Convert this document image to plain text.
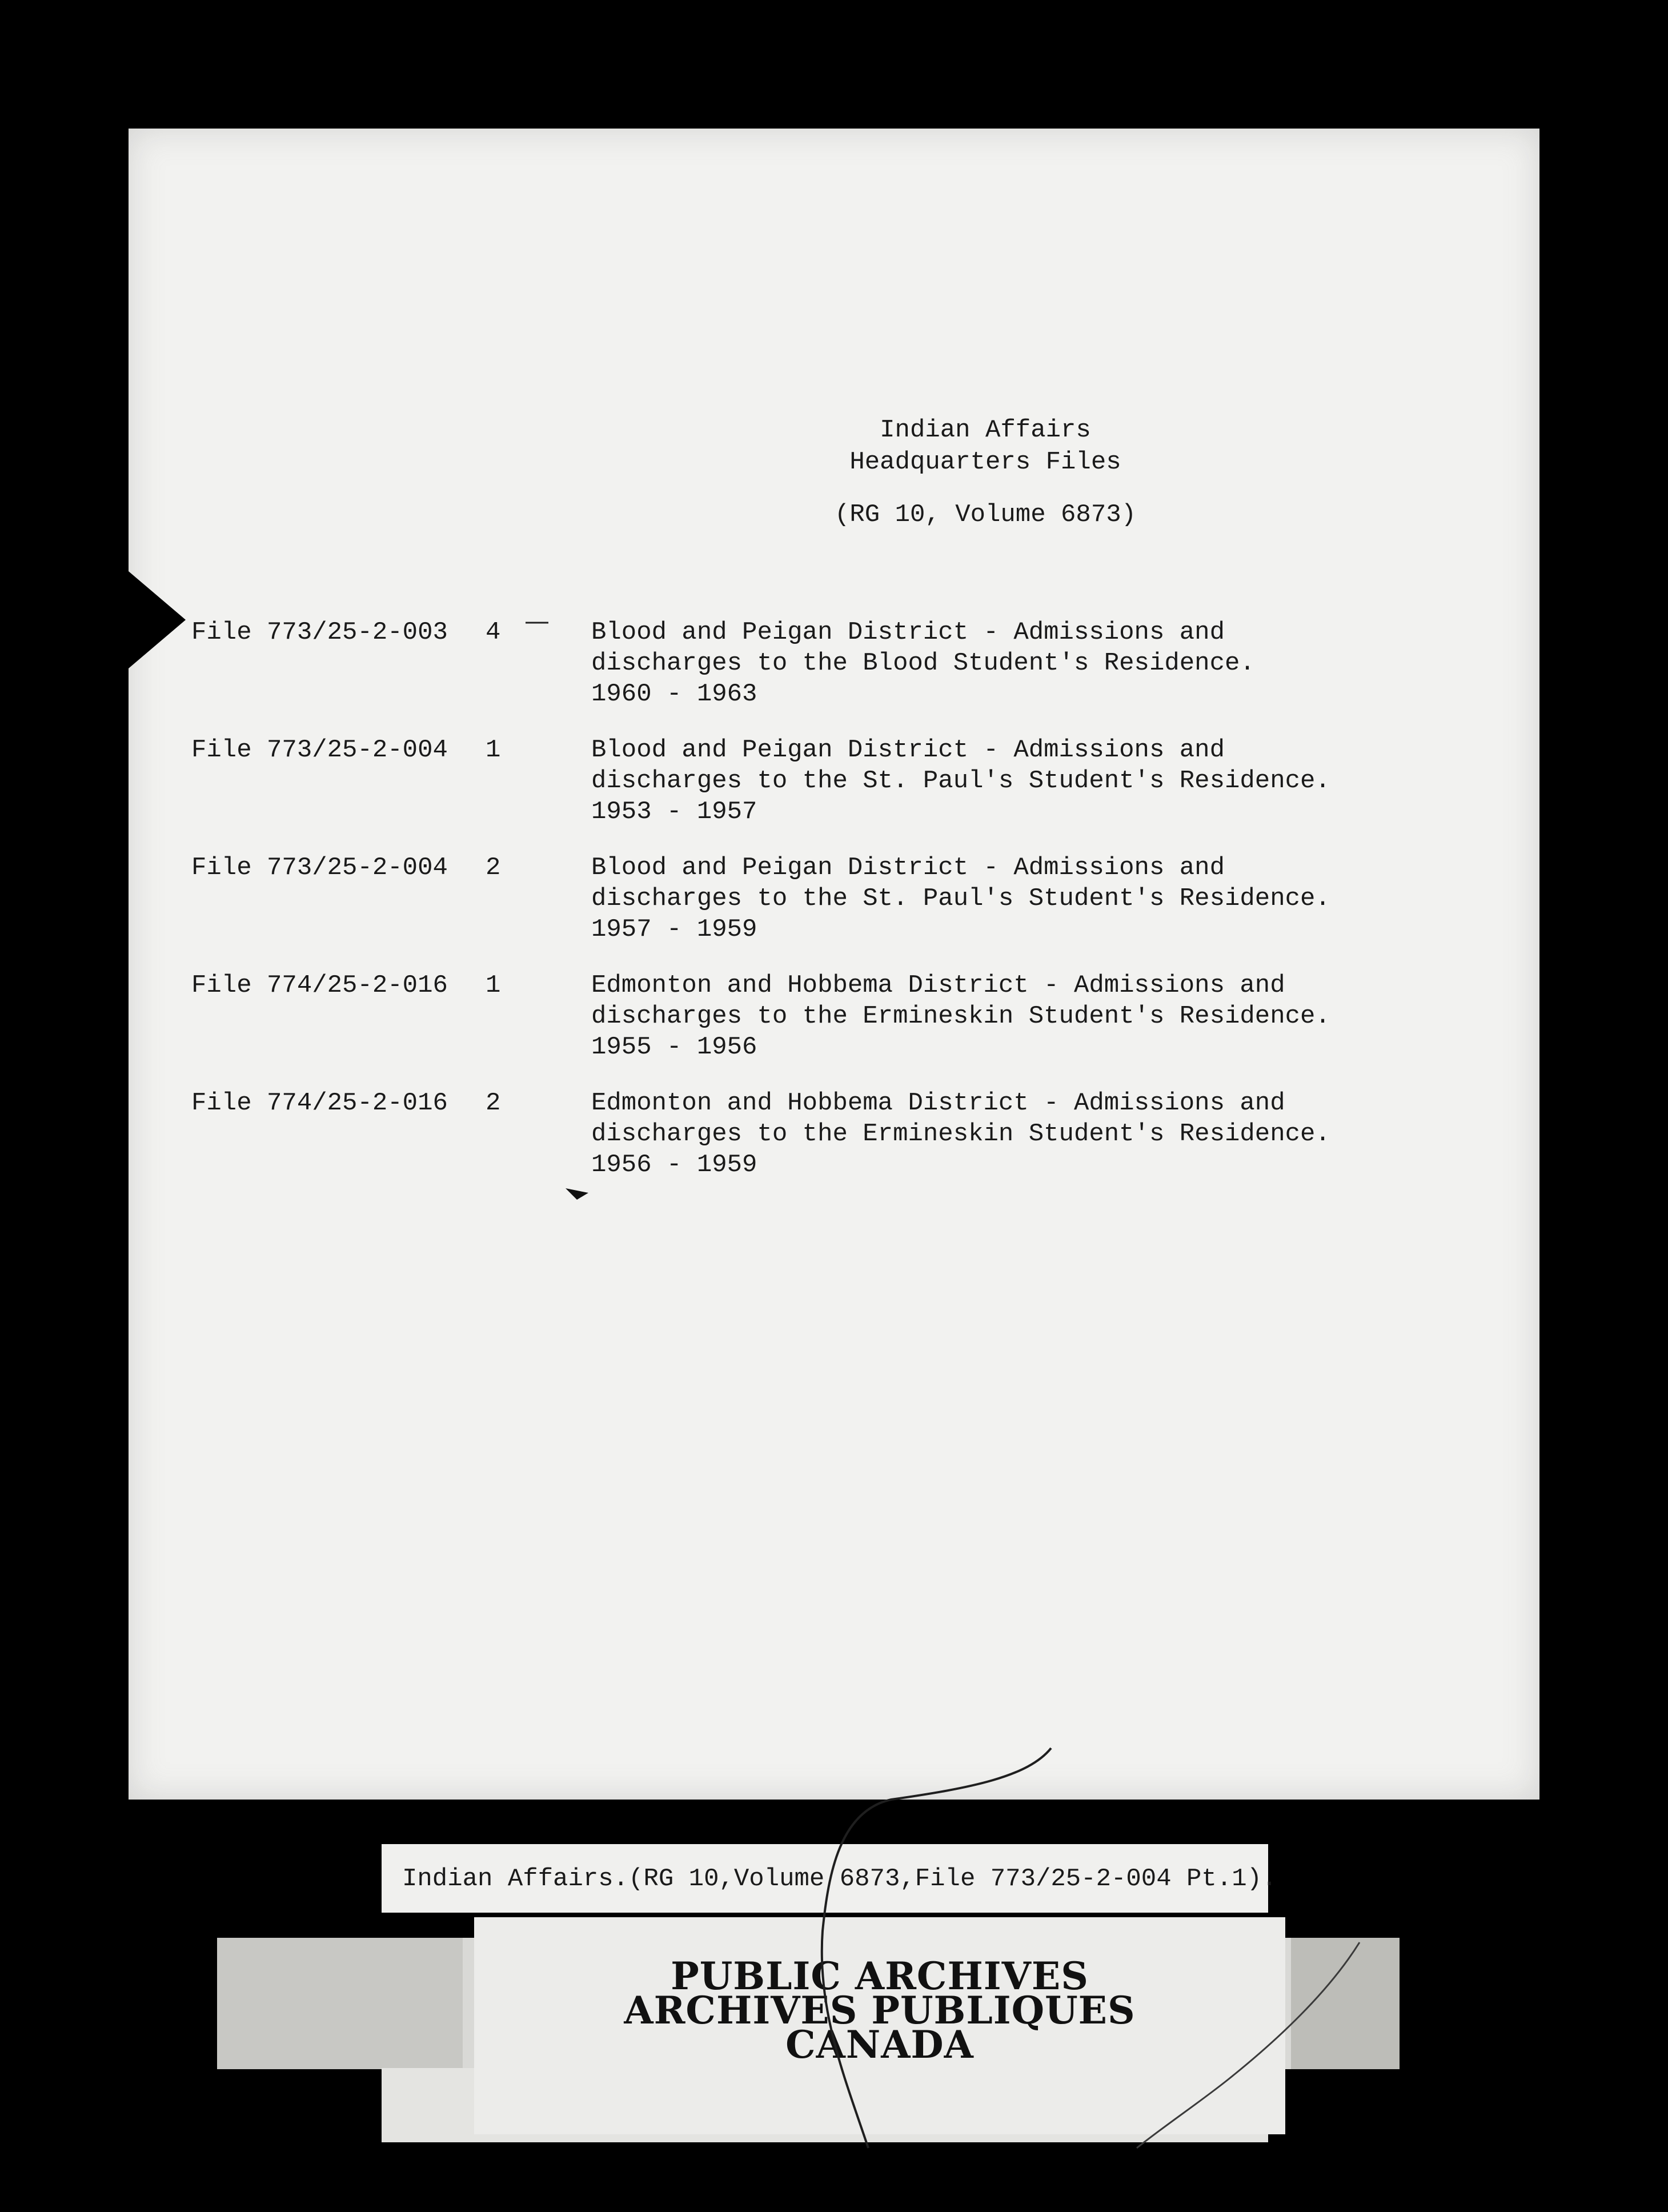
Indian Affairs
Headquarters Files
(RG 10, Volume 6873)
File 773/25-2-003 4	Blood and Peigan District - Admissions and
discharges to the Blood Student's Residence.
1960 - 1963
File 773/25-2-004 1	Blood and Peigan District - Admissions and
discharges to the St. Paul's Student's Residence.
1953 - 1957
File 773/25-2-004 2	Blood and Peigan District - Admissions and
discharges to the St. Paul's Student's Residence.
1957 - 1959
File 774/25-2-016 1	Edmonton and Hobbema District - Admissions and
discharges to the Ermineskin Student's Residence.
1955 - 1956
File 774/25-2-016 2	Edmonton and Hobbema District - Admissions and
discharges to the Ermineskin Student's Residence.
1956 - 1959
Indian Affairs.(RG 10,Volume 6873,File 773/25-2-004 Pt.1).
PUBLIC ARCHIVES
ARCHIVES PUBLIQUES
CANADA
